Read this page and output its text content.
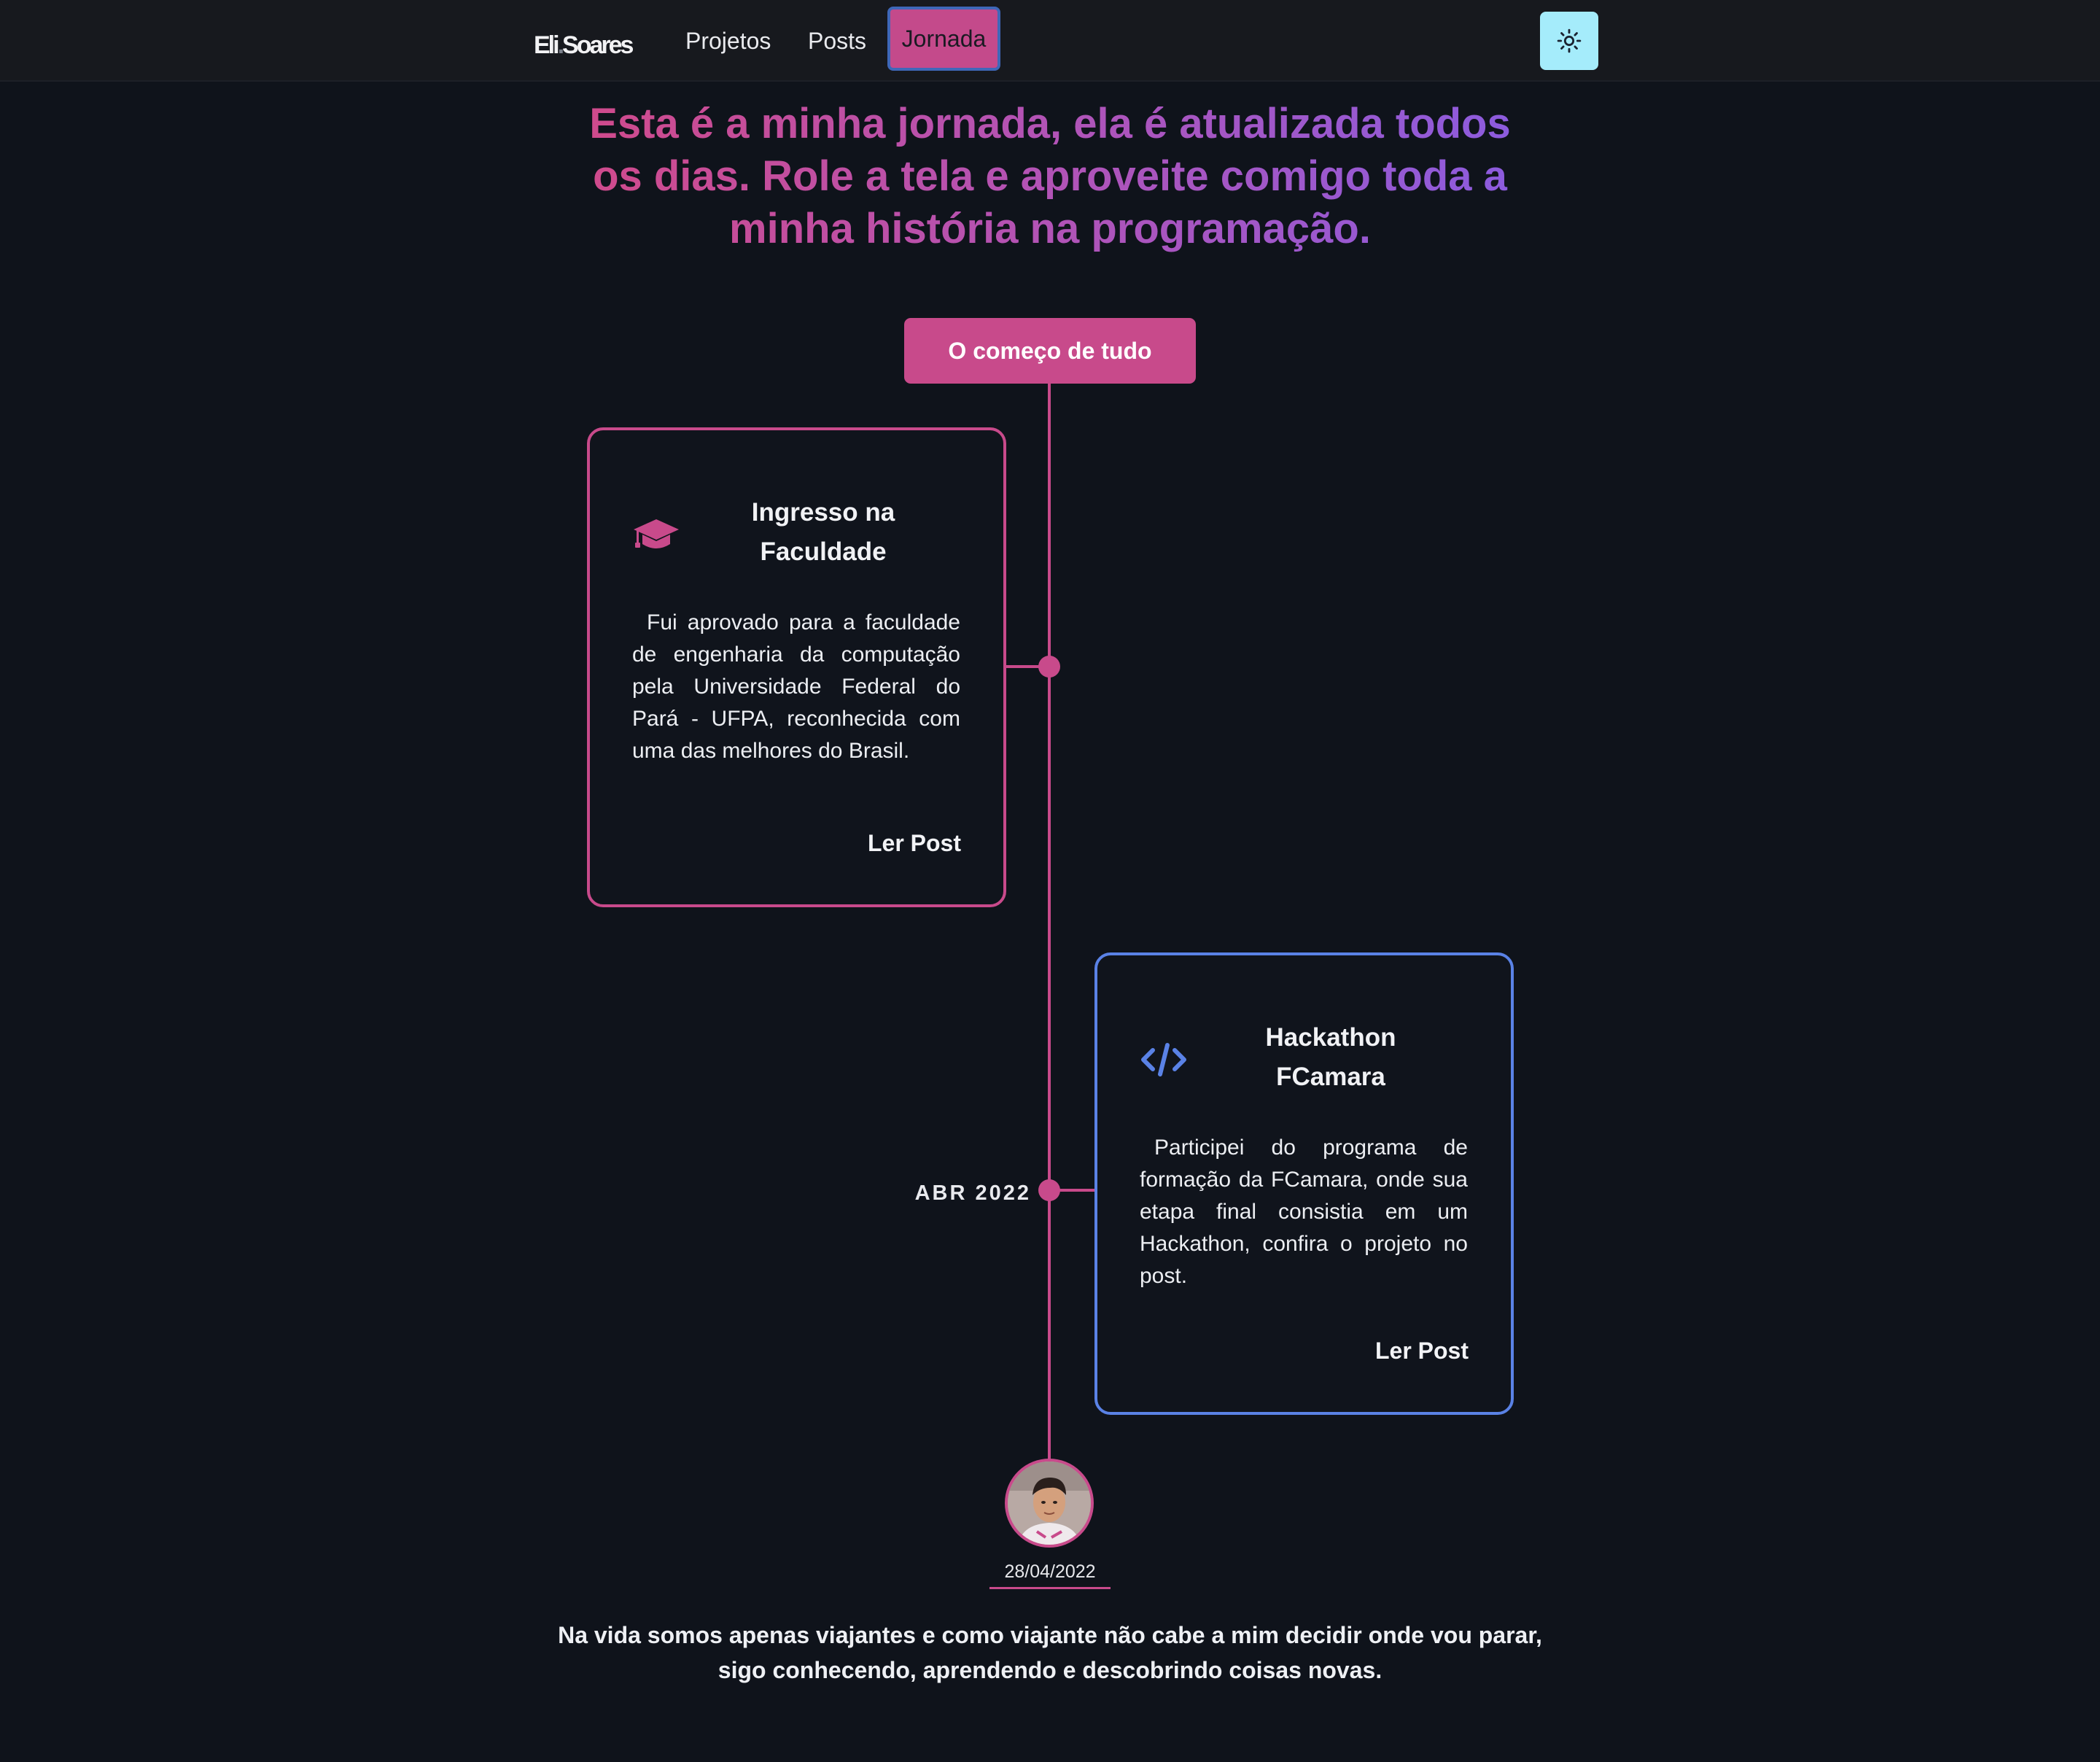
Eli.Soares Projetos Posts	Jornada
Esta é a minha jornada, ela é atualizada todos os dias. Role a tela e aproveite comigo toda a minha história na programação.
O começo de tudo
Ingresso na Faculdade
Fui aprovado para a faculdade de engenharia da computação pela Universidade Federal do Pará - UFPA, reconhecida com uma das melhores do Brasil.
Ler Post
ABR 2022
Hackathon FCamara
Participei do programa de formação da FCamara, onde sua etapa final consistia em um Hackathon, confira o projeto no post.
Ler Post
28/04/2022

Na vida somos apenas viajantes e como viajante não cabe a mim decidir onde vou parar, sigo conhecendo, aprendendo e descobrindo coisas novas.
